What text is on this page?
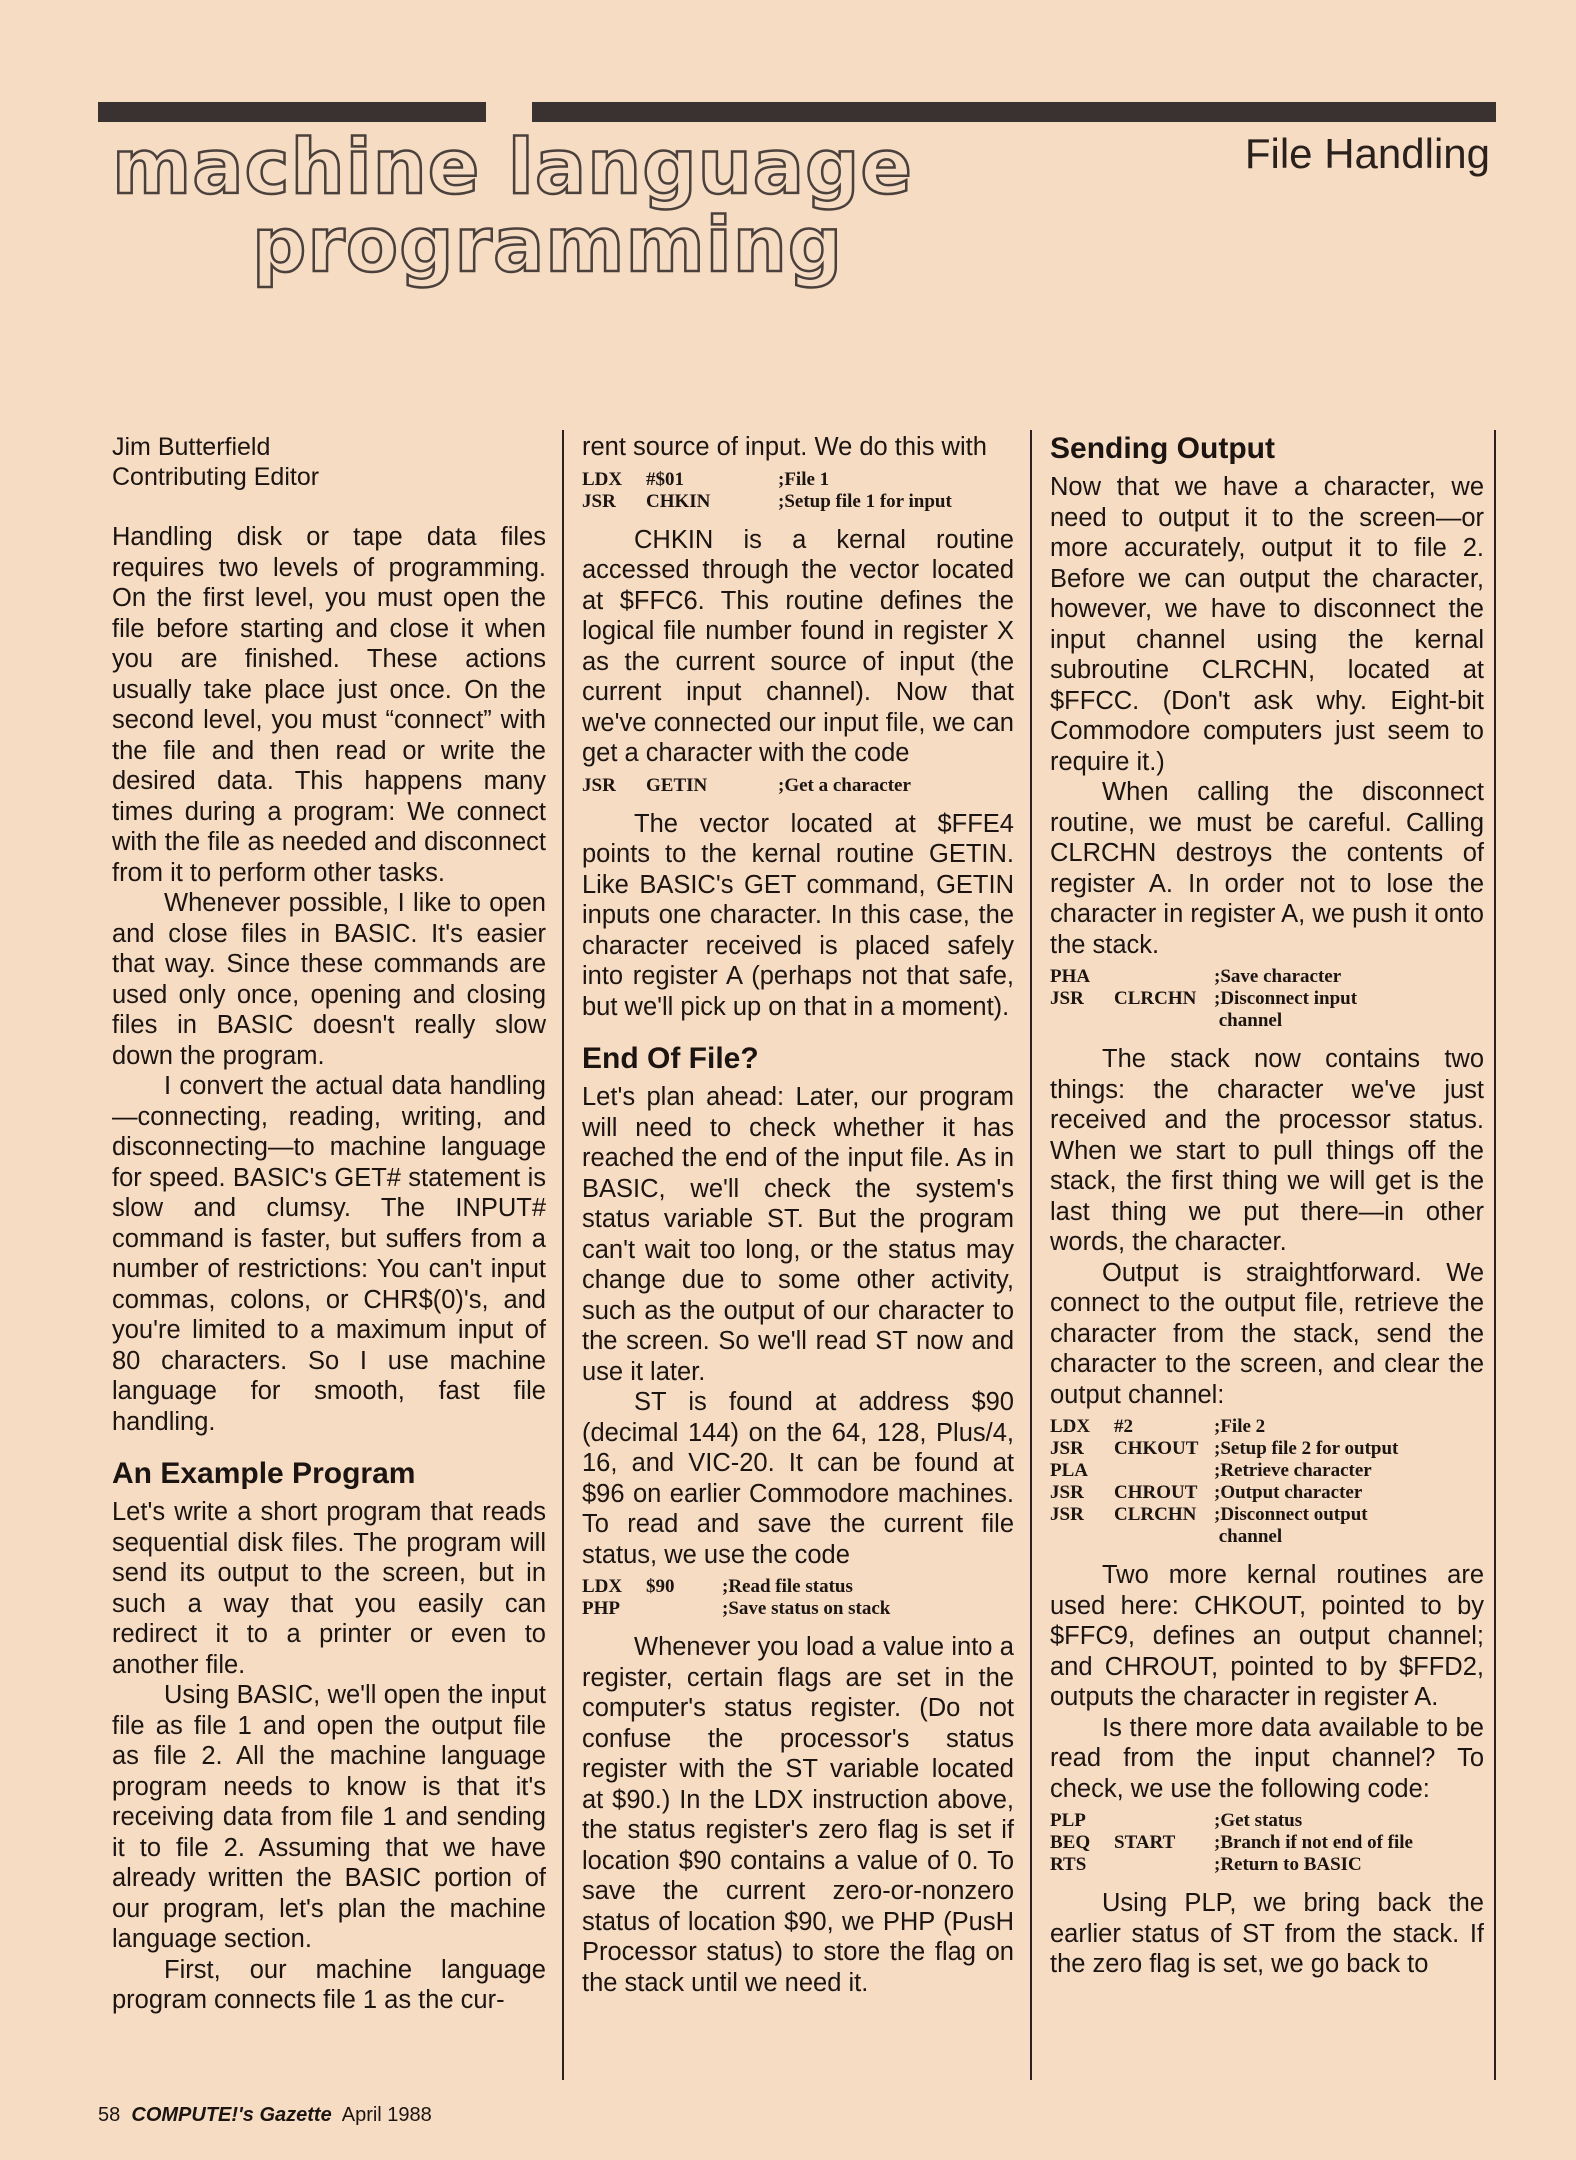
machine language
programming
File Handling

Jim Butterfield
Contributing Editor

Handling disk or tape data files requires two levels of programming. On the first level, you must open the file before starting and close it when you are finished. These actions usually take place just once. On the second level, you must “connect” with the file and then read or write the desired data. This happens many times during a program: We connect with the file as needed and disconnect from it to perform other tasks.

Whenever possible, I like to open and close files in BASIC. It's easier that way. Since these commands are used only once, opening and closing files in BASIC doesn't really slow down the program.

I convert the actual data handling—connecting, reading, writing, and disconnecting—to machine language for speed. BASIC's GET# statement is slow and clumsy. The INPUT# command is faster, but suffers from a number of restrictions: You can't input commas, colons, or CHR$(0)'s, and you're limited to a maximum input of 80 characters. So I use machine language for smooth, fast file handling.

An Example Program

Let's write a short program that reads sequential disk files. The program will send its output to the screen, but in such a way that you easily can redirect it to a printer or even to another file.

Using BASIC, we'll open the input file as file 1 and open the output file as file 2. All the machine language program needs to know is that it's receiving data from file 1 and sending it to file 2. Assuming that we have already written the BASIC portion of our program, let's plan the machine language section.

First, our machine language program connects file 1 as the cur-

rent source of input. We do this with

LDX	#$01	;File 1
JSR	CHKIN	;Setup file 1 for input

CHKIN is a kernal routine accessed through the vector located at $FFC6. This routine defines the logical file number found in register X as the current source of input (the current input channel). Now that we've connected our input file, we can get a character with the code

JSR	GETIN	;Get a character

The vector located at $FFE4 points to the kernal routine GETIN. Like BASIC's GET command, GETIN inputs one character. In this case, the character received is placed safely into register A (perhaps not that safe, but we'll pick up on that in a moment).

End Of File?

Let's plan ahead: Later, our program will need to check whether it has reached the end of the input file. As in BASIC, we'll check the system's status variable ST. But the program can't wait too long, or the status may change due to some other activity, such as the output of our character to the screen. So we'll read ST now and use it later.

ST is found at address $90 (decimal 144) on the 64, 128, Plus/4, 16, and VIC-20. It can be found at $96 on earlier Commodore machines. To read and save the current file status, we use the code

LDX	$90	;Read file status
PHP	;Save status on stack

Whenever you load a value into a register, certain flags are set in the computer's status register. (Do not confuse the processor's status register with the ST variable located at $90.) In the LDX instruction above, the status register's zero flag is set if location $90 contains a value of 0. To save the current zero-or-nonzero status of location $90, we PHP (PusH Processor status) to store the flag on the stack until we need it.

Sending Output

Now that we have a character, we need to output it to the screen—or more accurately, output it to file 2. Before we can output the character, however, we have to disconnect the input channel using the kernal subroutine CLRCHN, located at $FFCC. (Don't ask why. Eight-bit Commodore computers just seem to require it.)

When calling the disconnect routine, we must be careful. Calling CLRCHN destroys the contents of register A. In order not to lose the character in register A, we push it onto the stack.

PHA	;Save character
JSR	CLRCHN ;Disconnect input
channel

The stack now contains two things: the character we've just received and the processor status. When we start to pull things off the stack, the first thing we will get is the last thing we put there—in other words, the character.

Output is straightforward. We connect to the output file, retrieve the character from the stack, send the character to the screen, and clear the output channel:

LDX	#2	;File 2
JSR	CHKOUT ;Setup file 2 for output
PLA	;Retrieve character
JSR	CHROUT ;Output character
JSR	CLRCHN ;Disconnect output
channel

Two more kernal routines are used here: CHKOUT, pointed to by $FFC9, defines an output channel; and CHROUT, pointed to by $FFD2, outputs the character in register A.

Is there more data available to be read from the input channel? To check, we use the following code:

PLP	;Get status
BEQ	START	;Branch if not end of file
RTS	;Return to BASIC

Using PLP, we bring back the earlier status of ST from the stack. If the zero flag is set, we go back to

58 COMPUTE!'s Gazette April 1988
